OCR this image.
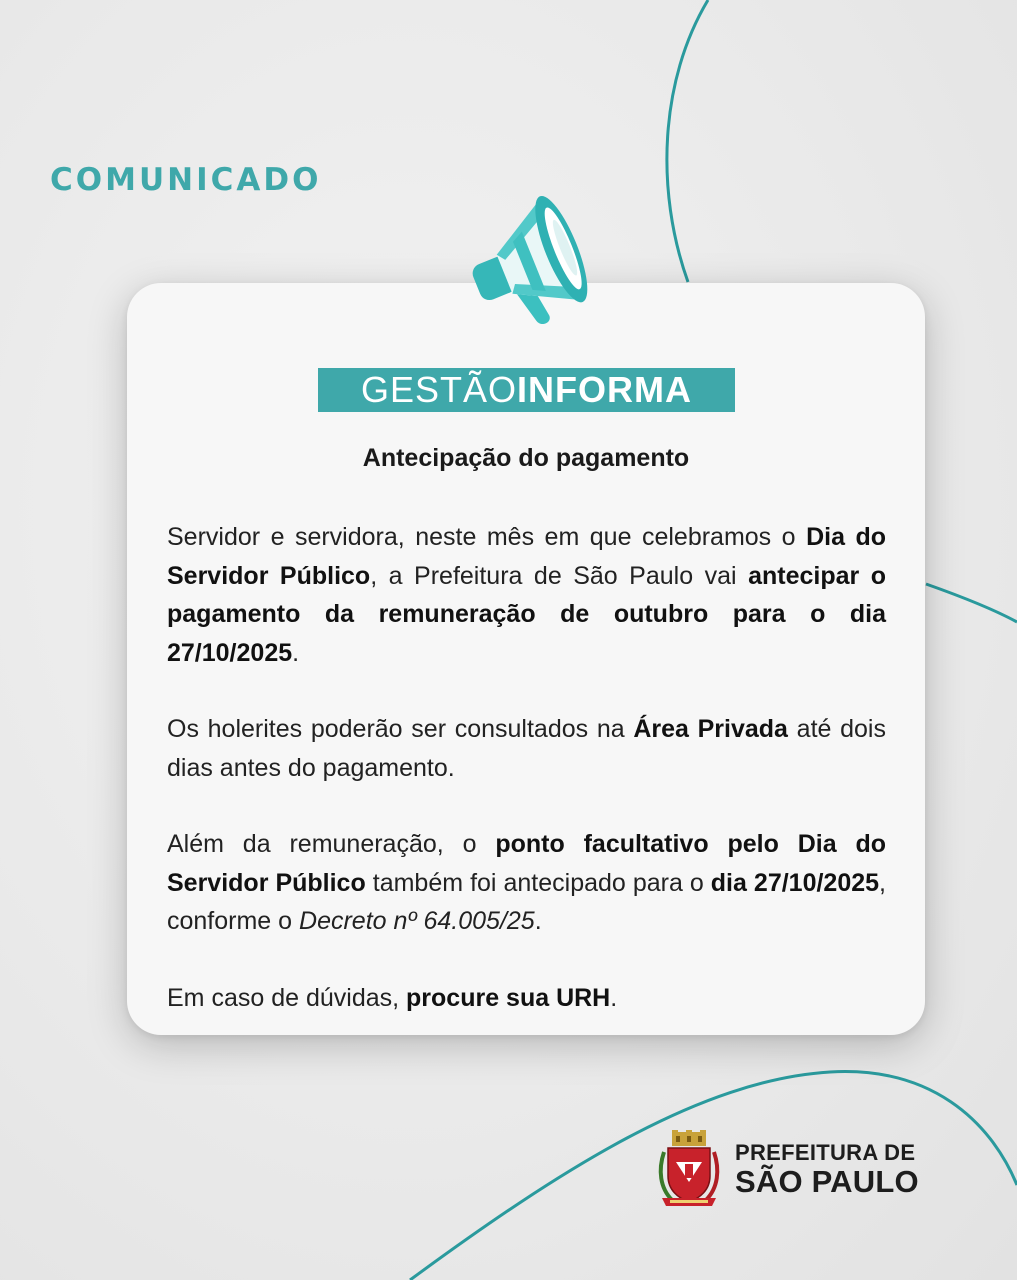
COMUNICADO
GESTÃO INFORMA
Antecipação do pagamento

Servidor e servidora, neste mês em que celebramos o Dia do Servidor Público, a Prefeitura de São Paulo vai antecipar o pagamento da remuneração de outubro para o dia 27/10/2025.

Os holerites poderão ser consultados na Área Privada até dois dias antes do pagamento.

Além da remuneração, o ponto facultativo pelo Dia do Servidor Público também foi antecipado para o dia 27/10/2025, conforme o Decreto nº 64.005/25.

Em caso de dúvidas, procure sua URH.

PREFEITURA DE
SÃO PAULO
